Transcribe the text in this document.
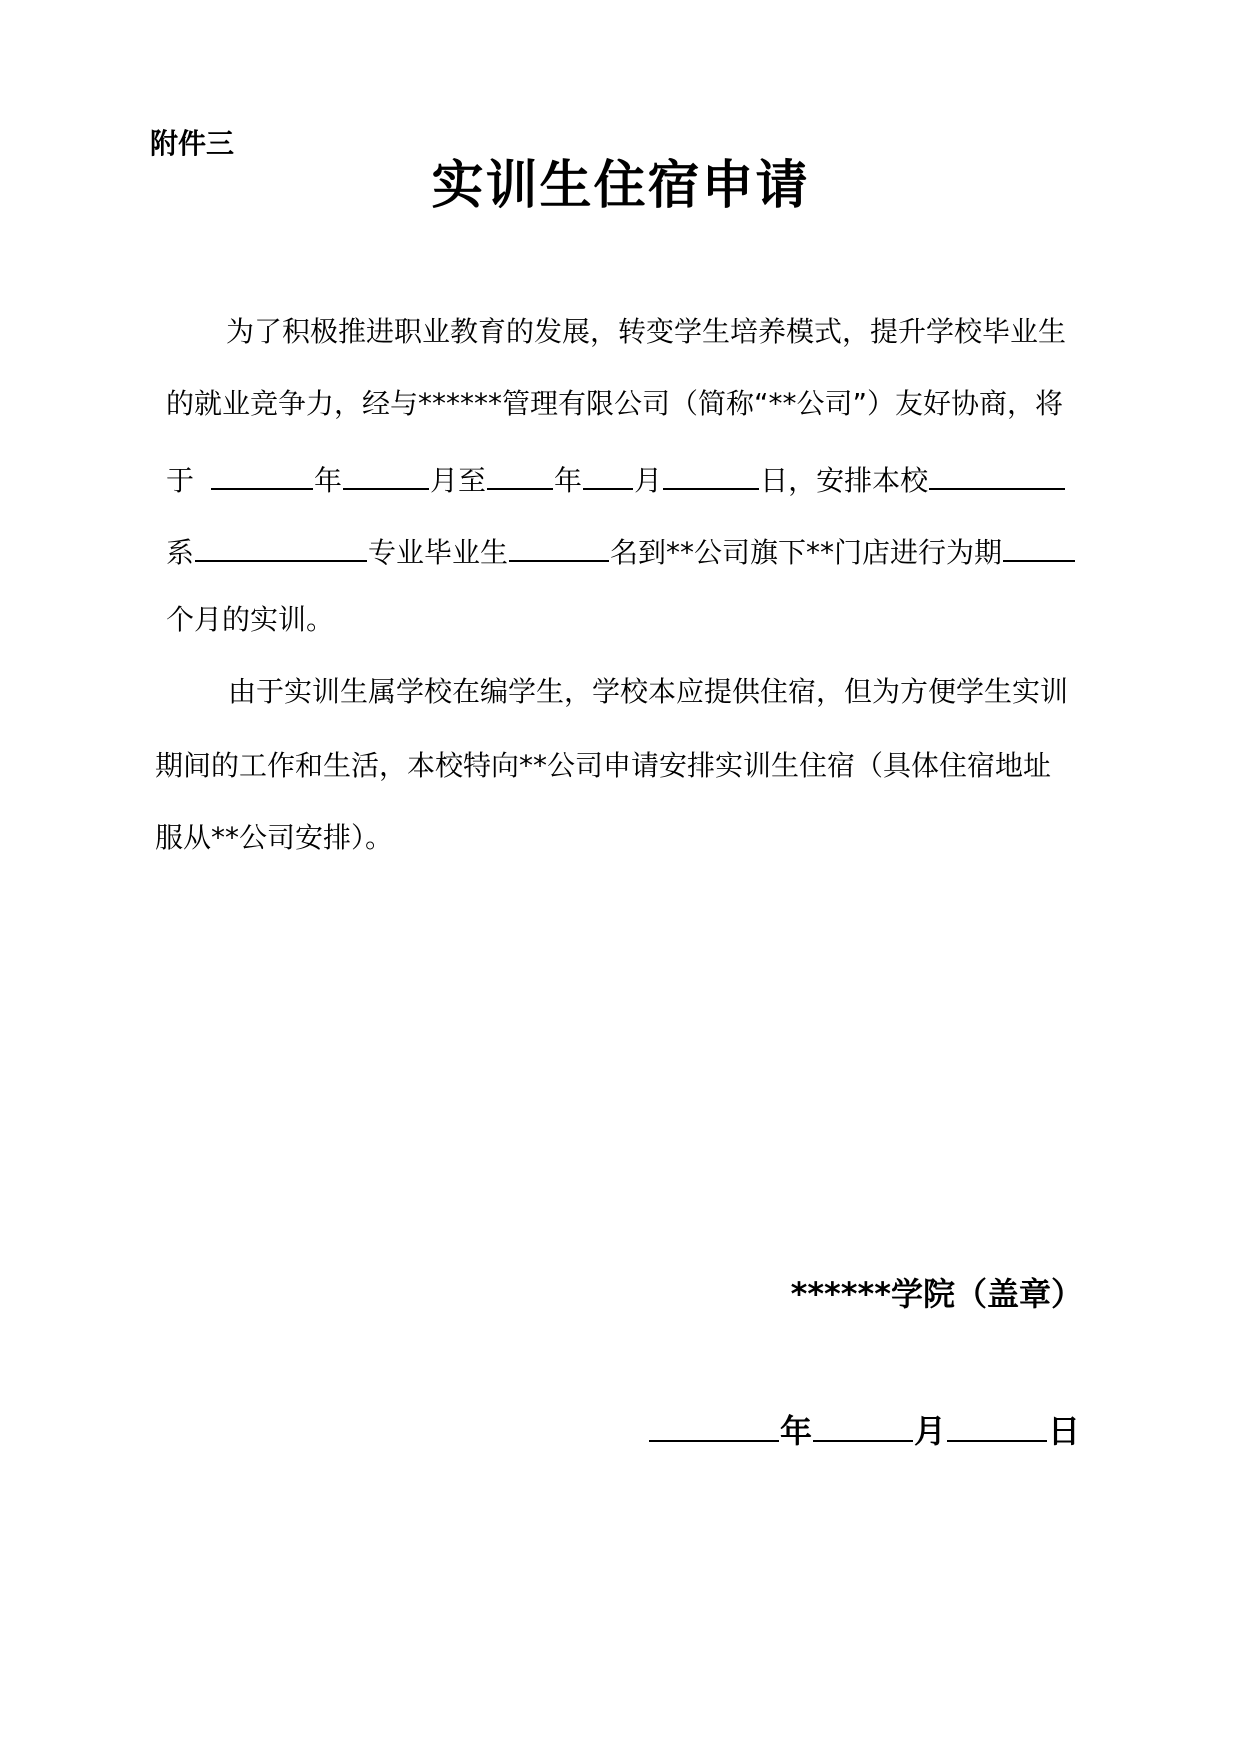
附件三
实训生住宿申请
为了积极推进职业教育的发展，转变学生培养模式，提升学校毕业生
的就业竞争力，经与******管理有限公司（简称“**公司”）友好协商，将
于	年	月至 年 月	日，安排本校
系	专业毕业生	名到**公司旗下**门店进行为期
个月的实训。
由于实训生属学校在编学生，学校本应提供住宿，但为方便学生实训
期间的工作和生活，本校特向**公司申请安排实训生住宿（具体住宿地址
服从**公司安排）。
******学院（盖章）
年	月	日
